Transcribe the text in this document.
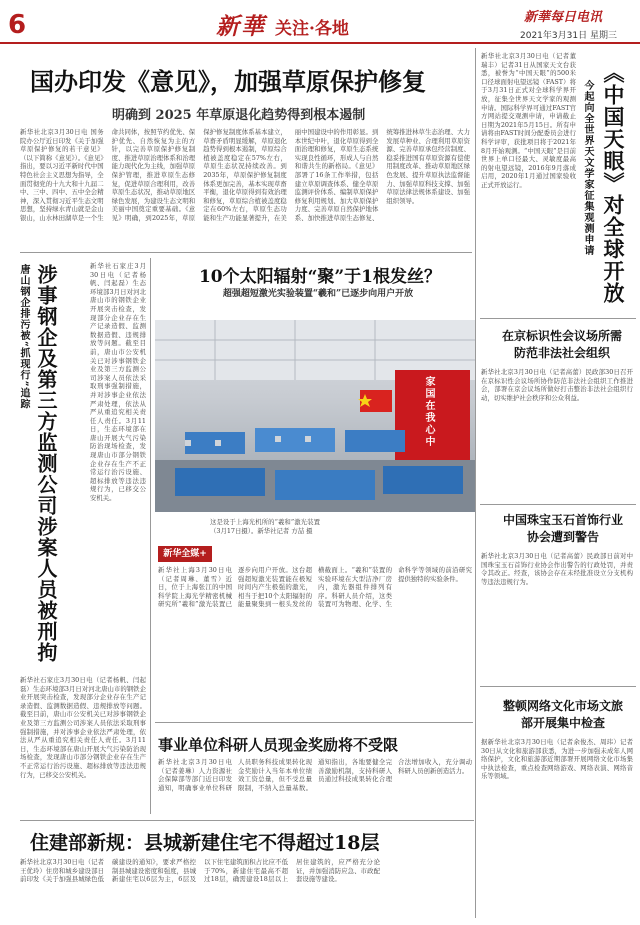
6	新華 关注·各地
新華每日电讯
2021年3月31日 星期三
国办印发《意见》，加强草原保护修复
明确到 2025 年草原退化趋势得到根本遏制
新华社北京3月30日电 国务院办公厅近日印发《关于加强草原保护修复的若干意见》（以下简称《意见》）。《意见》指出，要以习近平新时代中国特色社会主义思想为指导，全面贯彻党的十九大和十九届二中、三中、四中、五中全会精神，深入贯彻习近平生态文明思想，坚持绿水青山就是金山银山，山水林田湖草是一个生命共同体，按照节约优先、保护优先、自然恢复为主的方针，以完善草原保护修复制度、推进草原治理体系和治理能力现代化为主线，加强草原保护管理，推进草原生态修复，促进草原合理利用，改善草原生态状况，推动草原地区绿色发展，为建设生态文明和美丽中国奠定重要基础。《意见》明确，到2025年，草原保护修复制度体系基本建立，草畜矛盾明显缓解，草原退化趋势得到根本遏制，草原综合植被盖度稳定在57%左右，草原生态状况持续改善。到2035年，草原保护修复制度体系更加完善，基本实现草畜平衡，退化草原得到有效治理和修复，草原综合植被盖度稳定在60%左右，草原生态功能和生产功能显著提升，在美丽中国建设中的作用彰显。到本世纪中叶，退化草原得到全面治理和修复，草原生态系统实现良性循环，形成人与自然和谐共生的新格局。《意见》部署了16条工作举措，包括建立草原调查体系、健全草原监测评价体系、编制草原保护修复利用规划、加大草原保护力度、完善草原自然保护地体系、加快推进草原生态修复、统筹推进林草生态治理、大力发展草种业、合理利用草原资源、完善草原承包经营制度、稳妥推进国有草原资源有偿使用制度改革、推动草原地区绿色发展、提升草原执法监督能力、加强草原科技支撑、加强草原法律法规体系建设、加强组织领导。
新华社北京3月30日电（记者董瑞丰）记者31日从国家天文台获悉，被誉为“中国天眼”的500米口径球面射电望远镜（FAST）将于3月31日正式对全球科学界开放，征集全世界天文学家的观测申请。国际科学界可通过FAST官方网站提交观测申请，申请截止日期为2021年5月15日。所有申请将由FAST时间分配委员会进行科学评审，获批项目将于2021年8月开始观测。“中国天眼”是目前世界上单口径最大、灵敏度最高的射电望远镜，2016年9月落成启用，2020年1月通过国家验收正式开放运行。	今起向全世界天文学家征集观测申请 《中国天眼》对全球开放
在京标识性会议场所需防范非法社会组织
新华社北京3月30日电（记者高蕾）民政部30日召开在京标识性会议场所协作防范非法社会组织工作推进会，部署在京会议场所做好打击整治非法社会组织行动，切实维护社会秩序和公众利益。
中国珠宝玉石首饰行业协会遭到警告
新华社北京3月30日电（记者高蕾）民政部日前对中国珠宝玉石首饰行业协会作出警告的行政处罚，并责令其改正。经查，该协会存在未经批准设立分支机构等违法违规行为。
整顿网络文化市场文旅部开展集中检查
据新华社北京3月30日电（记者余俊杰、周玮）记者30日从文化和旅游部获悉，为进一步加强未成年人网络保护，文化和旅游部近期部署开展网络文化市场集中执法检查，重点检查网络游戏、网络表演、网络音乐等领域。
唐山钢企排污被“抓现行”追踪 涉事钢企及第三方监测公司涉案人员被刑拘	新华社石家庄3月30日电（记者杨帆、闫起磊）生态环境部3月日对河北唐山市的钢铁企业开展突击检查，发现部分企业存在生产记录造假、监测数据造假、违规排放等问题。截至目前，唐山市公安机关已对涉事钢铁企业及第三方监测公司涉案人员依法采取刑事强制措施，并对涉事企业依法严肃处理，依法从严从重追究相关责任人责任。3月11日，生态环境部在唐山开展大气污染防治现场检查，发现唐山市部分钢铁企业存在生产不正常运行治污设施、超标排放等违法违规行为，已移交公安机关。
新华社石家庄3月30日电（记者杨帆、闫起磊）生态环境部3月日对河北唐山市的钢铁企业开展突击检查，发现部分企业存在生产记录造假、监测数据造假、违规排放等问题。截至目前，唐山市公安机关已对涉事钢铁企业及第三方监测公司涉案人员依法采取刑事强制措施，并对涉事企业依法严肃处理，依法从严从重追究相关责任人责任。3月11日，生态环境部在唐山开展大气污染防治现场检查，发现唐山市部分钢铁企业存在生产不正常运行治污设施、超标排放等违法违规行为，已移交公安机关。
10个太阳辐射“聚”于1根发丝？
超强超短激光实验装置“羲和”已逐步向用户开放
家国在我心中
这是设于上海光机所的“羲和”激光装置（3月17日摄）。新华社记者 方喆 摄
新华全媒+
新华社上海3月30日电（记者周琳、董雪）近日，位于上海张江的中国科学院上海光学精密机械研究所“羲和”激光装置已逐步向用户开放。这台超强超短激光装置能在极短时间内产生极强的激光，相当于把10个太阳辐射的能量聚集到一根头发丝的横截面上。“羲和”装置的实验环境在大型洁净厂房内，激光器组件排列有序。科研人员介绍，这类装置可为物理、化学、生命科学等领域的前沿研究提供独特的实验条件。
事业单位科研人员现金奖励将不受限
新华社北京3月30日电（记者姜琳）人力资源社会保障部等部门近日印发通知，明确事业单位科研人员职务科技成果转化现金奖励计入当年本单位绩效工资总量，但不受总量限制，不纳入总量基数。通知指出，各地要健全完善激励机制，支持科研人员通过科技成果转化合理合法增加收入，充分调动科研人员创新创造活力。
住建部新规：县城新建住宅不得超过18层
新华社北京3月30日电（记者王优玲）住房和城乡建设部日前印发《关于加强县城绿色低碳建设的通知》，要求严格控制县城建设密度和强度，县城新建住宅以6层为主，6层及以下住宅建筑面积占比应不低于70%，新建住宅最高不超过18层，确需建设18层以上居住建筑的，应严格充分论证，并加强消防应急、市政配套设施等建设。
